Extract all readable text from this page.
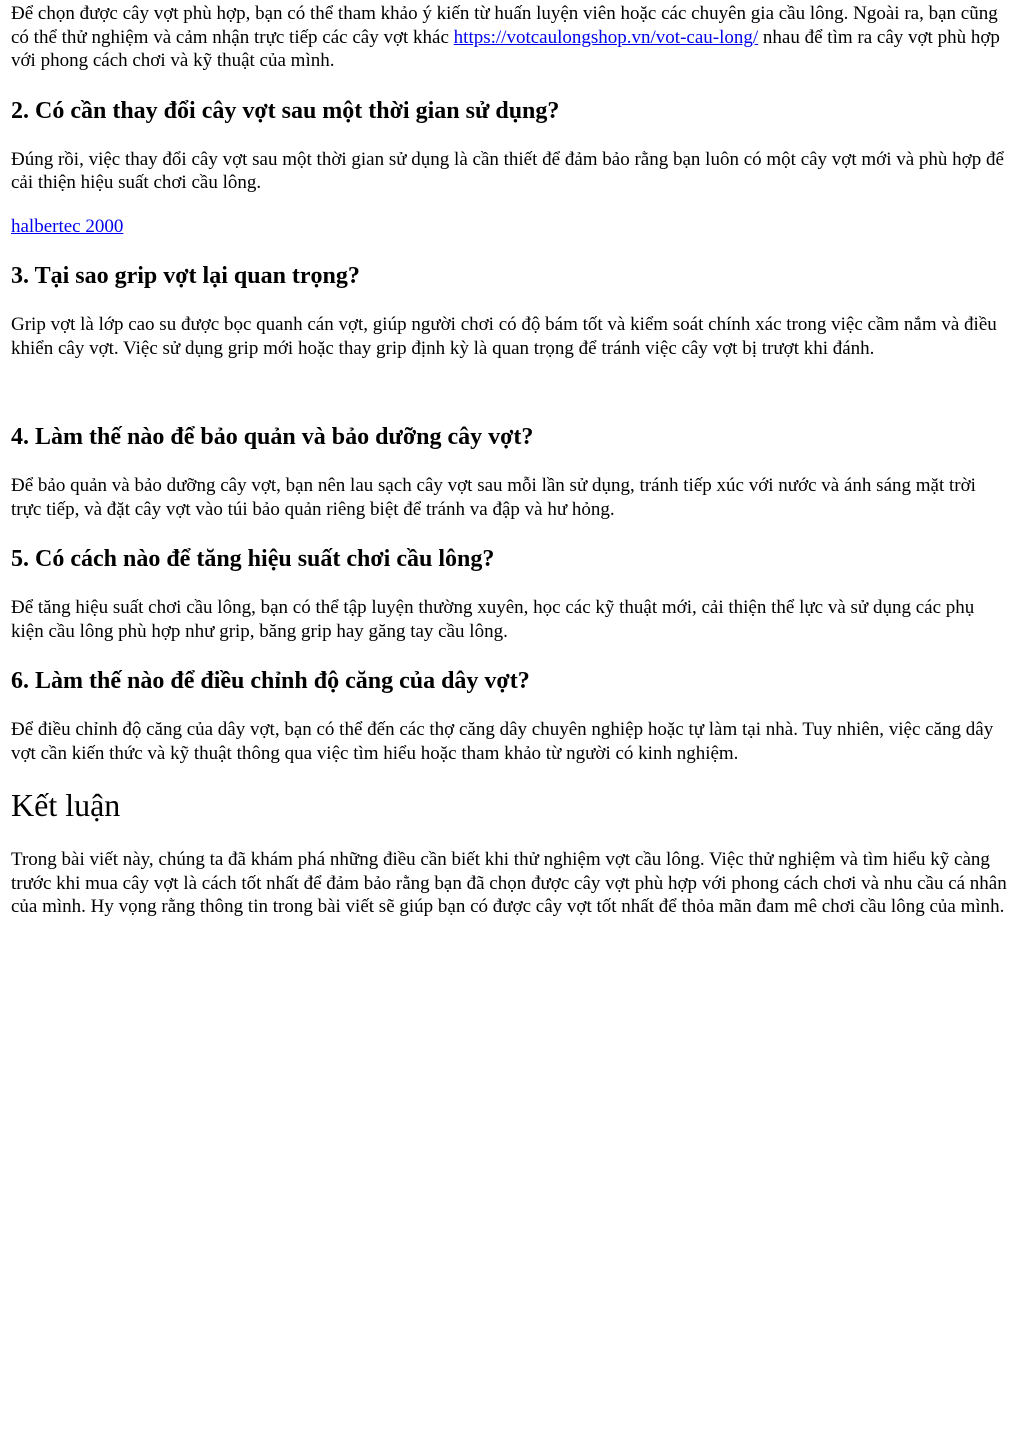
Để chọn được cây vợt phù hợp, bạn có thể tham khảo ý kiến từ huấn luyện viên hoặc các chuyên gia cầu lông. Ngoài ra, bạn cũng có thể thử nghiệm và cảm nhận trực tiếp các cây vợt khác https://votcaulongshop.vn/vot-cau-long/ nhau để tìm ra cây vợt phù hợp với phong cách chơi và kỹ thuật của mình.

2. Có cần thay đổi cây vợt sau một thời gian sử dụng?

Đúng rồi, việc thay đổi cây vợt sau một thời gian sử dụng là cần thiết để đảm bảo rằng bạn luôn có một cây vợt mới và phù hợp để cải thiện hiệu suất chơi cầu lông.

halbertec 2000

3. Tại sao grip vợt lại quan trọng?

Grip vợt là lớp cao su được bọc quanh cán vợt, giúp người chơi có độ bám tốt và kiểm soát chính xác trong việc cầm nắm và điều khiển cây vợt. Việc sử dụng grip mới hoặc thay grip định kỳ là quan trọng để tránh việc cây vợt bị trượt khi đánh.

4. Làm thế nào để bảo quản và bảo dưỡng cây vợt?

Để bảo quản và bảo dưỡng cây vợt, bạn nên lau sạch cây vợt sau mỗi lần sử dụng, tránh tiếp xúc với nước và ánh sáng mặt trời trực tiếp, và đặt cây vợt vào túi bảo quản riêng biệt để tránh va đập và hư hỏng.

5. Có cách nào để tăng hiệu suất chơi cầu lông?

Để tăng hiệu suất chơi cầu lông, bạn có thể tập luyện thường xuyên, học các kỹ thuật mới, cải thiện thể lực và sử dụng các phụ kiện cầu lông phù hợp như grip, băng grip hay găng tay cầu lông.

6. Làm thế nào để điều chỉnh độ căng của dây vợt?

Để điều chỉnh độ căng của dây vợt, bạn có thể đến các thợ căng dây chuyên nghiệp hoặc tự làm tại nhà. Tuy nhiên, việc căng dây vợt cần kiến thức và kỹ thuật thông qua việc tìm hiểu hoặc tham khảo từ người có kinh nghiệm.

Kết luận

Trong bài viết này, chúng ta đã khám phá những điều cần biết khi thử nghiệm vợt cầu lông. Việc thử nghiệm và tìm hiểu kỹ càng trước khi mua cây vợt là cách tốt nhất để đảm bảo rằng bạn đã chọn được cây vợt phù hợp với phong cách chơi và nhu cầu cá nhân của mình. Hy vọng rằng thông tin trong bài viết sẽ giúp bạn có được cây vợt tốt nhất để thỏa mãn đam mê chơi cầu lông của mình.
